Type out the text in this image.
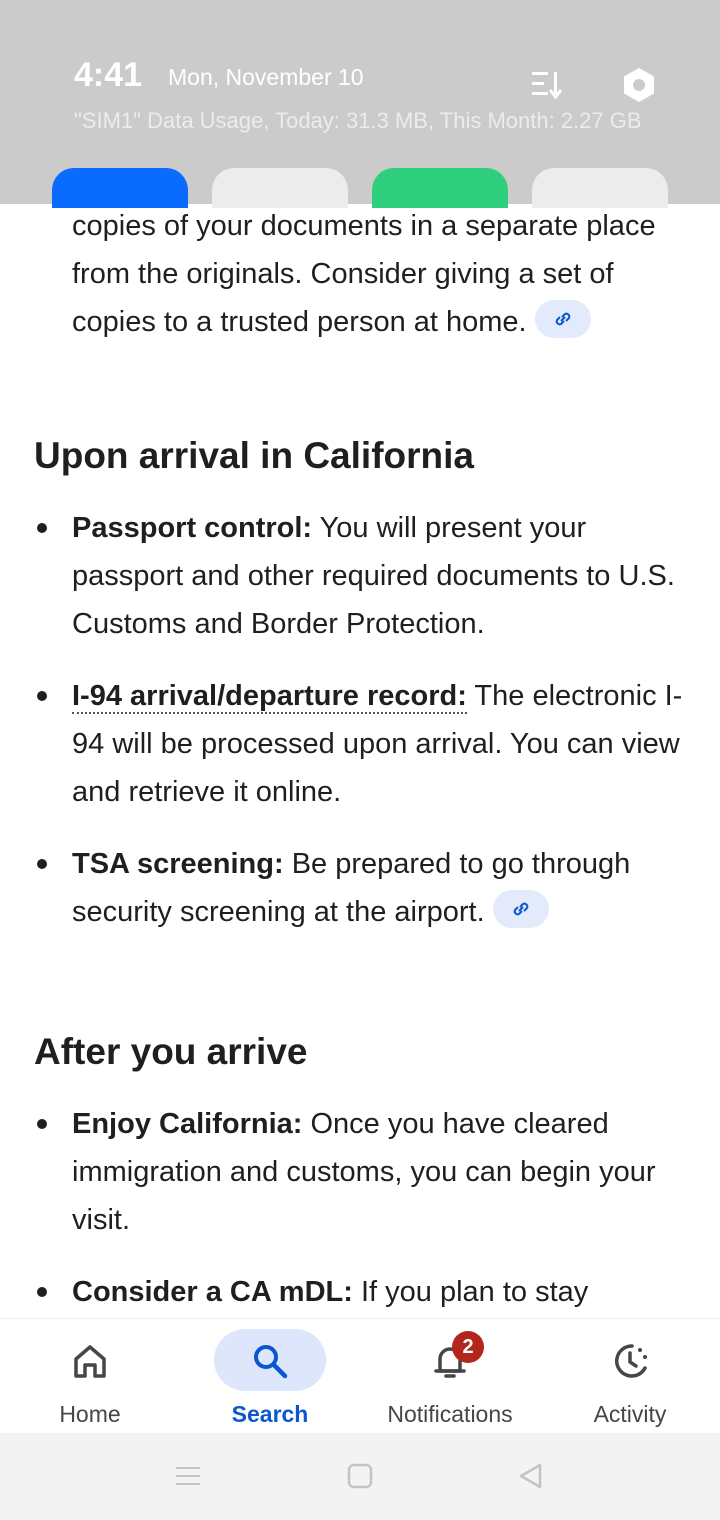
4:41 Mon, November 10
"SIM1" Data Usage, Today: 31.3 MB, This Month: 2.27 GB

copies of your documents in a separate place from the originals. Consider giving a set of copies to a trusted person at home.

Upon arrival in California

Passport control: You will present your passport and other required documents to U.S. Customs and Border Protection.

I-94 arrival/departure record: The electronic I-94 will be processed upon arrival. You can view and retrieve it online.

TSA screening: Be prepared to go through security screening at the airport.

After you arrive

Enjoy California: Once you have cleared immigration and customs, you can begin your visit.

Consider a CA mDL: If you plan to stay

Home	Search
2
Notifications	Activity
